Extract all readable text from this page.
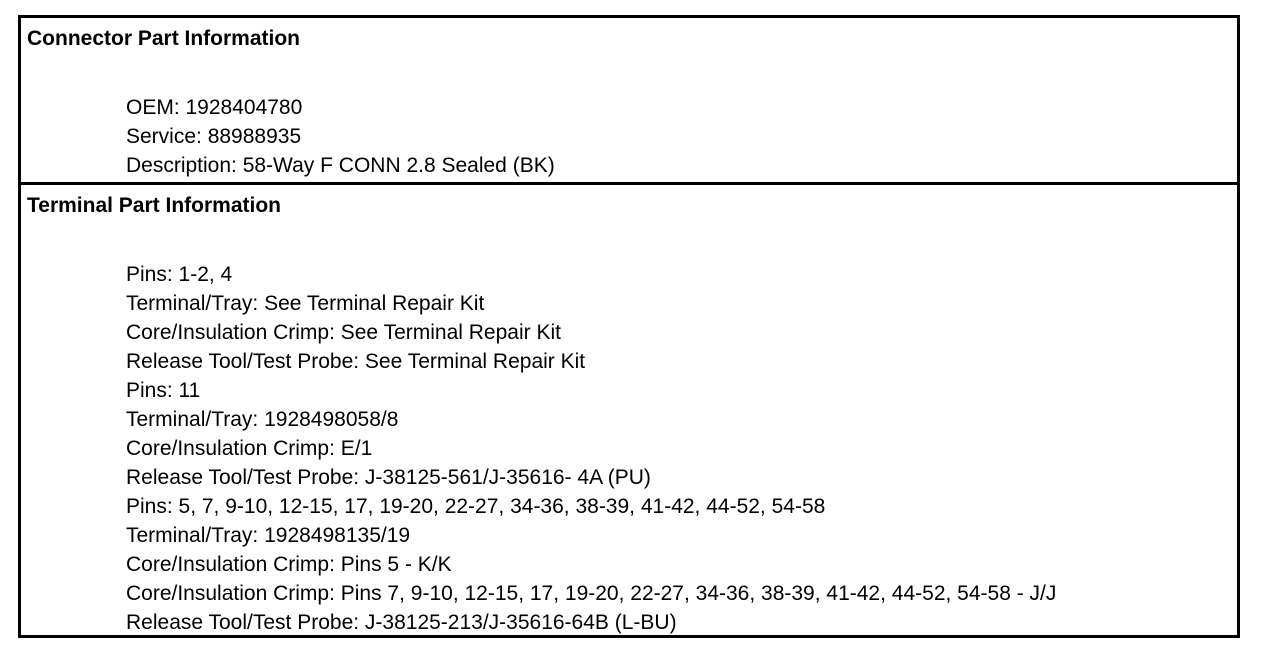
Connector Part Information
OEM: 1928404780
Service: 88988935
Description: 58-Way F CONN 2.8 Sealed (BK)
Terminal Part Information
Pins: 1-2, 4
Terminal/Tray: See Terminal Repair Kit
Core/Insulation Crimp: See Terminal Repair Kit
Release Tool/Test Probe: See Terminal Repair Kit
Pins: 11
Terminal/Tray: 1928498058/8
Core/Insulation Crimp: E/1
Release Tool/Test Probe: J-38125-561/J-35616- 4A (PU)
Pins: 5, 7, 9-10, 12-15, 17, 19-20, 22-27, 34-36, 38-39, 41-42, 44-52, 54-58
Terminal/Tray: 1928498135/19
Core/Insulation Crimp: Pins 5 - K/K
Core/Insulation Crimp: Pins 7, 9-10, 12-15, 17, 19-20, 22-27, 34-36, 38-39, 41-42, 44-52, 54-58 - J/J
Release Tool/Test Probe: J-38125-213/J-35616-64B (L-BU)
